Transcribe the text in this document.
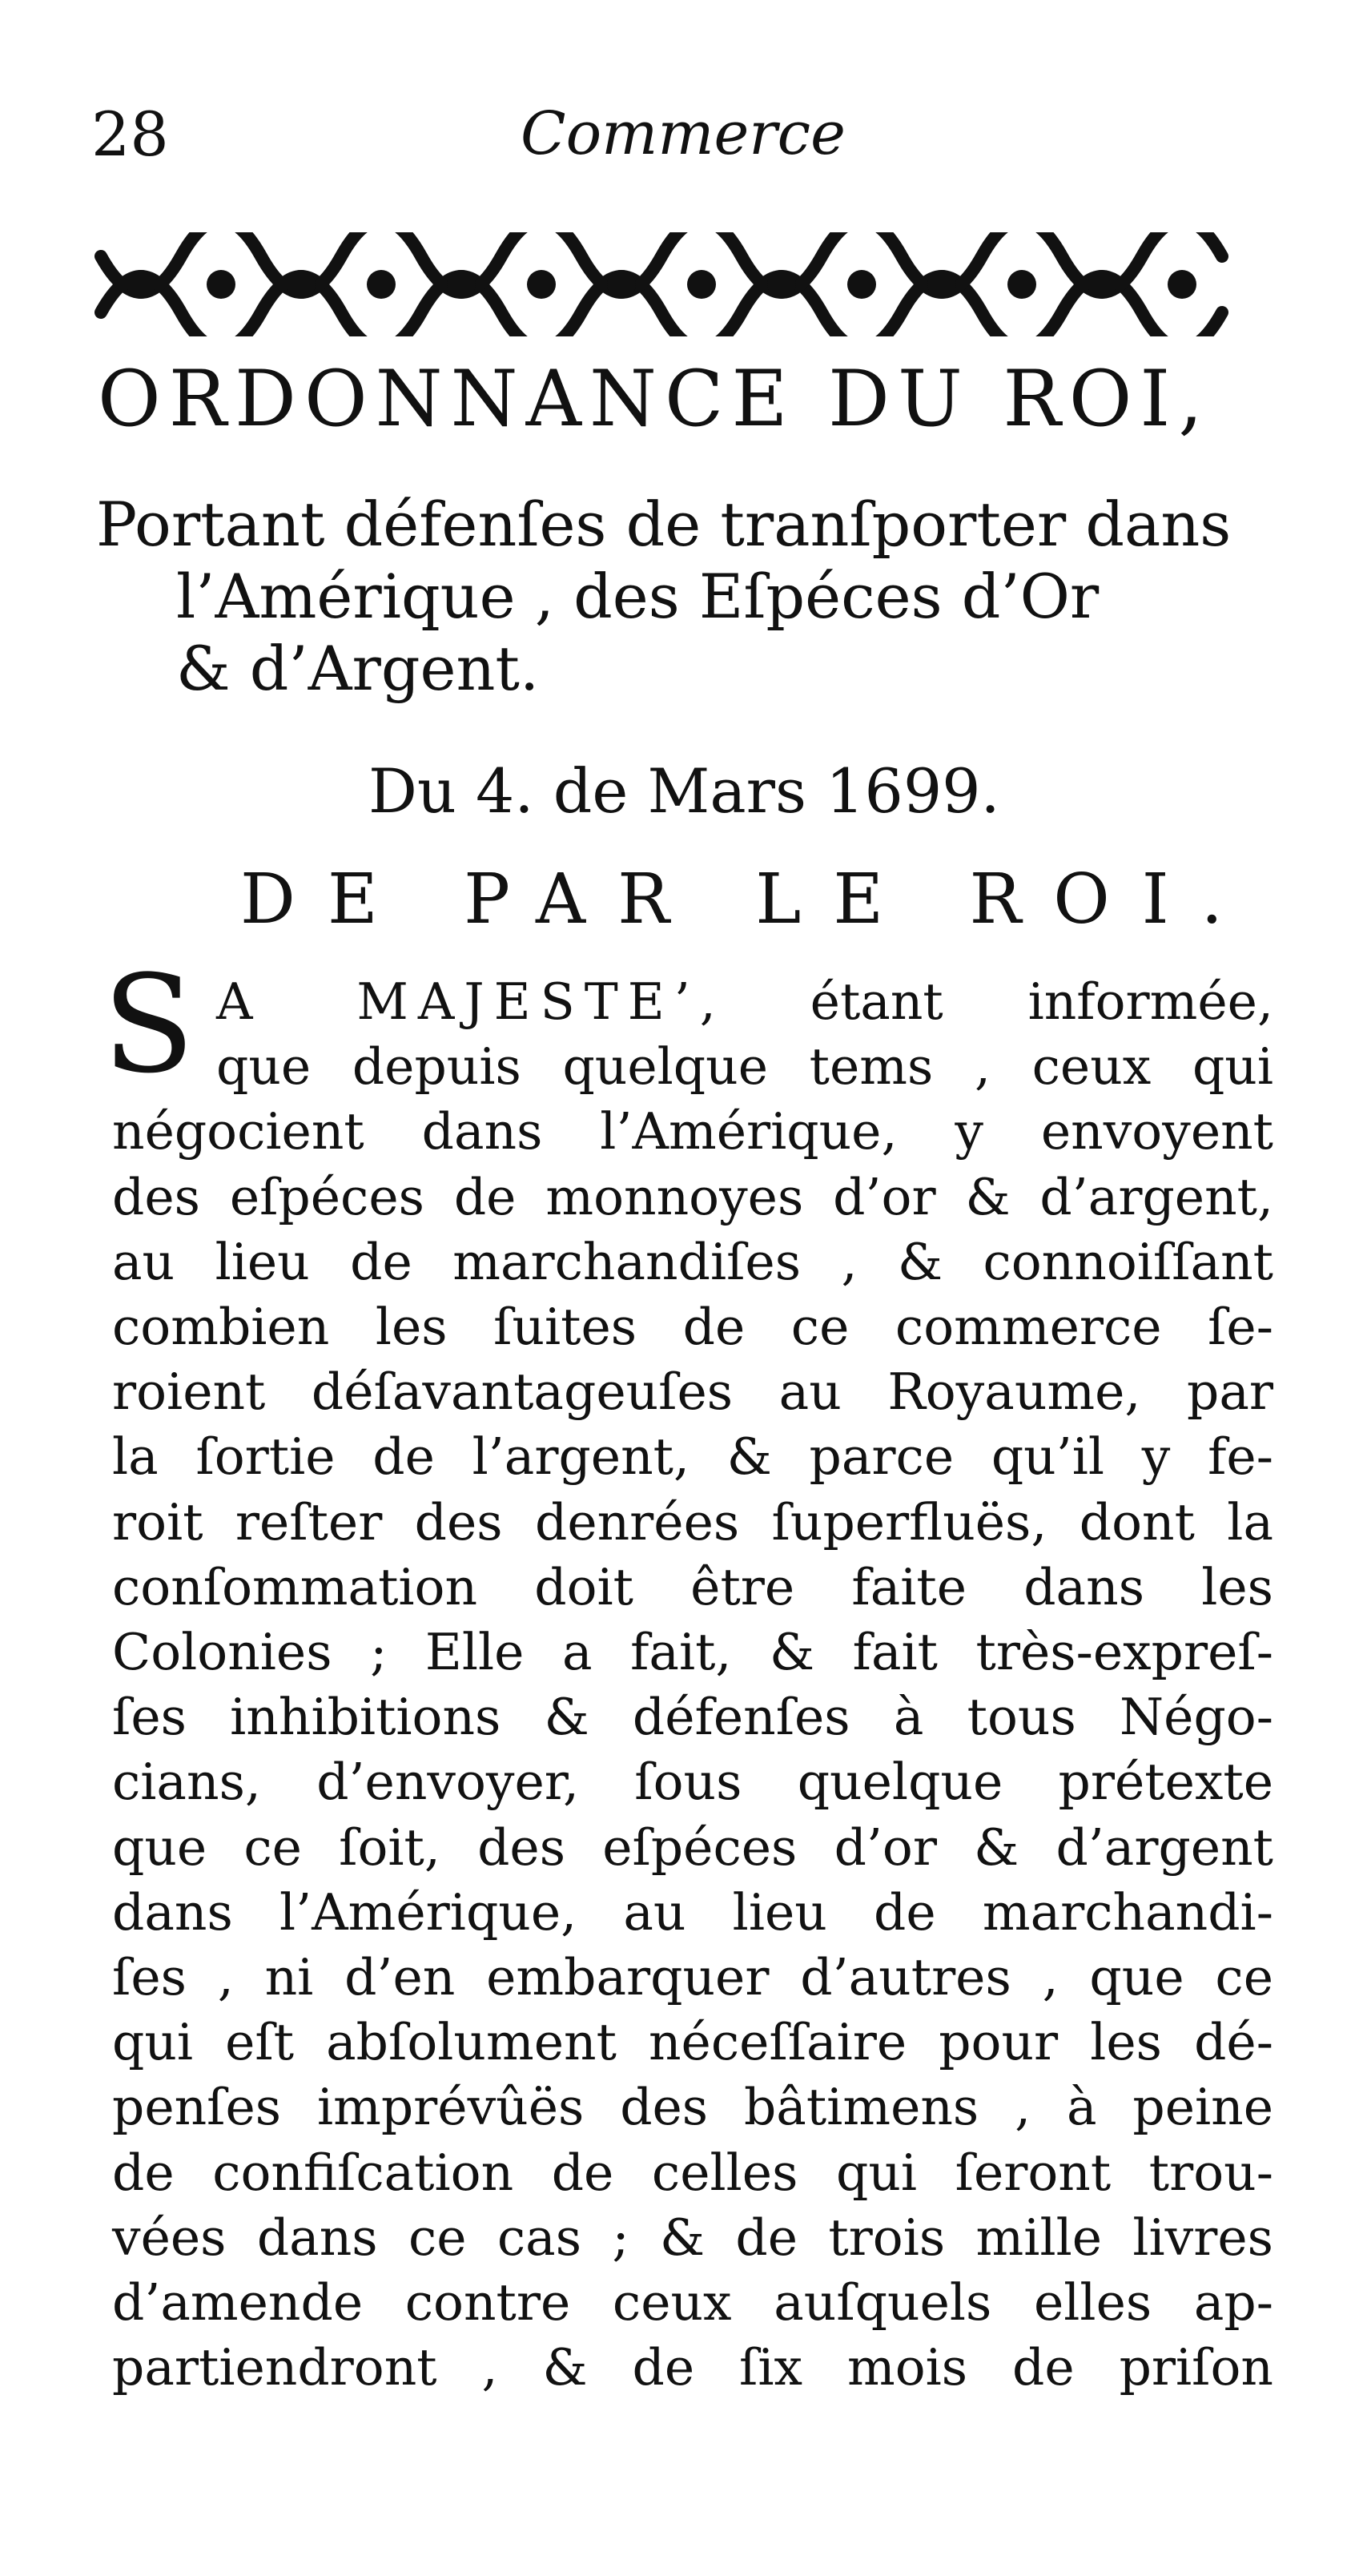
28	Commerce
ORDONNANCE DU ROI,
Portant défenſes de tranſporter dans
l’Amérique , des Eſpéces d’Or
& d’Argent.
Du 4. de Mars 1699.
DE PAR LE ROI.
S A MAJESTE’, étant informée,
que depuis quelque tems , ceux qui
négocient dans l’Amérique, y envoyent
des eſpéces de monnoyes d’or & d’argent,
au lieu de marchandiſes , & connoiſſant
combien les ſuites de ce commerce ſe-
roient déſavantageuſes au Royaume, par
la ſortie de l’argent, & parce qu’il y fe-
roit reſter des denrées ſuperfluës, dont la
conſommation doit être faite dans les
Colonies ; Elle a fait, & fait très-expreſ-
ſes inhibitions & défenſes à tous Négo-
cians, d’envoyer, ſous quelque prétexte
que ce ſoit, des eſpéces d’or & d’argent
dans l’Amérique, au lieu de marchandi-
ſes , ni d’en embarquer d’autres , que ce
qui eſt abſolument néceſſaire pour les dé-
penſes imprévûës des bâtimens , à peine
de confiſcation de celles qui ſeront trou-
vées dans ce cas ; & de trois mille livres
d’amende contre ceux auſquels elles ap-
partiendront , & de ſix mois de priſon
